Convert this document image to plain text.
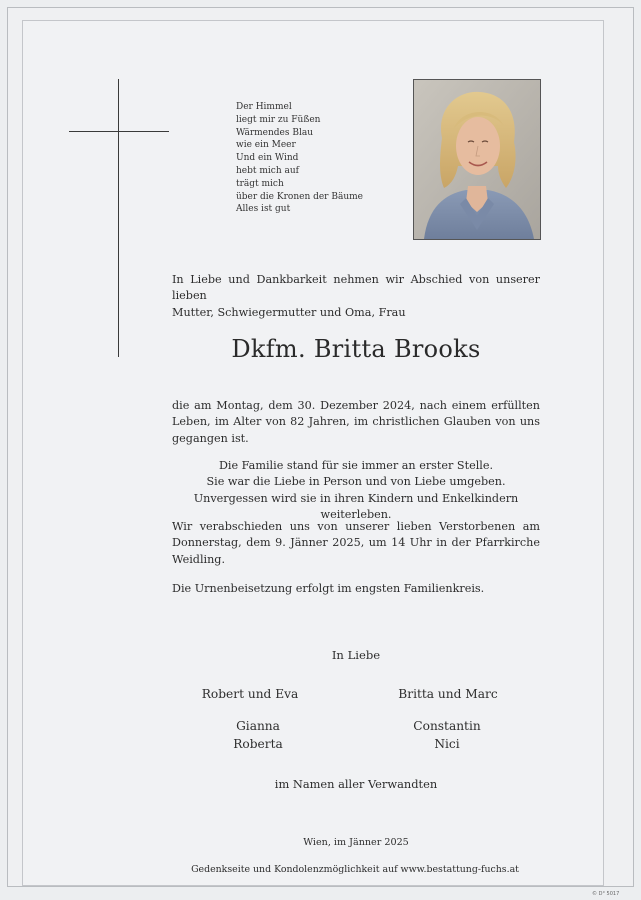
Der Himmel
liegt mir zu Füßen
Wärmendes Blau
wie ein Meer
Und ein Wind
hebt mich auf
trägt mich
über die Kronen der Bäume
Alles ist gut
In Liebe und Dankbarkeit nehmen wir Abschied von unserer lieben
Mutter, Schwiegermutter und Oma, Frau
Dkfm. Britta Brooks
die am Montag, dem 30. Dezember 2024, nach einem erfüllten
Leben, im Alter von 82 Jahren, im christlichen Glauben von uns
gegangen ist.
Die Familie stand für sie immer an erster Stelle.
Sie war die Liebe in Person und von Liebe umgeben.
Unvergessen wird sie in ihren Kindern und Enkelkindern weiterleben.
Wir verabschieden uns von unserer lieben Verstorbenen am
Donnerstag, dem 9. Jänner 2025, um 14 Uhr in der Pfarrkirche
Weidling.
Die Urnenbeisetzung erfolgt im engsten Familienkreis.
In Liebe
Robert und Eva	Britta und Marc
Gianna
Roberta
Constantin
Nici
im Namen aller Verwandten
Wien, im Jänner 2025
Gedenkseite und Kondolenzmöglichkeit auf www.bestattung-fuchs.at
© D° 5017
